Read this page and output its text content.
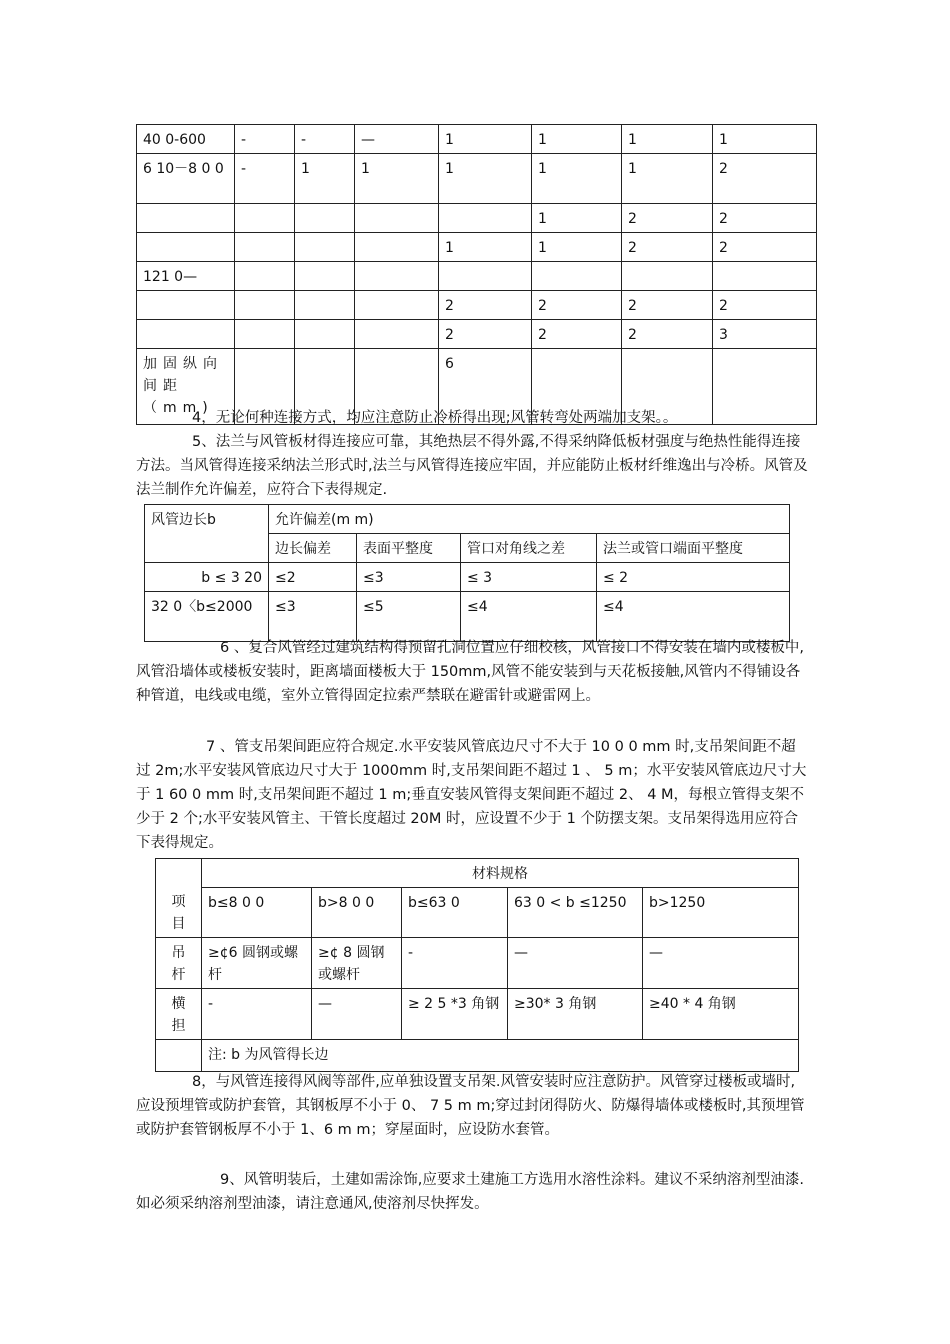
40 0-600	-	-	—	1	1	1	1
6 10－8 0 0	-	1	1	1	1	1	2
					1	2	2
				1	1	2	2
121 0—							
				2	2	2	2
				2	2	2	3
加固纵向间距（mm)				6			

4，无论何种连接方式，均应注意防止冷桥得出现;风管转弯处两端加支架。。

5、法兰与风管板材得连接应可靠，其绝热层不得外露,不得采纳降低板材强度与绝热性能得连接方法。当风管得连接采纳法兰形式时,法兰与风管得连接应牢固，并应能防止板材纤维逸出与冷桥。风管及法兰制作允许偏差，应符合下表得规定.

风管边长b	允许偏差(m m)			
	边长偏差	表面平整度	管口对角线之差	法兰或管口端面平整度
b ≤ 3 20	≤2	≤3	≤ 3	≤ 2
32 0〈b≤2000	≤3	≤5	≤4	≤4

6 、复合风管经过建筑结构得预留孔洞位置应仔细校核，风管接口不得安装在墙内或楼板中,风管沿墙体或楼板安装时，距离墙面楼板大于 150mm,风管不能安装到与天花板接触,风管内不得铺设各种管道，电线或电缆，室外立管得固定拉索严禁联在避雷针或避雷网上。

7 、管支吊架间距应符合规定.水平安装风管底边尺寸不大于 10 0 0 mm 时,支吊架间距不超过 2m;水平安装风管底边尺寸大于 1000mm 时,支吊架间距不超过 1 、 5 m；水平安装风管底边尺寸大于 1 60 0 mm 时,支吊架间距不超过 1 m;垂直安装风管得支架间距不超过 2、 4 M，每根立管得支架不少于 2 个;水平安装风管主、干管长度超过 20M 时，应设置不少于 1 个防摆支架。支吊架得选用应符合下表得规定。

项目	材料规格				
	b≤8 0 0	b>8 0 0	b≤63 0	63 0 < b ≤1250	b>1250

吊杆	≥¢6 圆钢或螺杆	≥¢ 8 圆钢或螺杆	-	—	—

横担	-	—	≥ 2 5 *3 角钢	≥30* 3 角钢	≥40 * 4 角钢
	注: b 为风管得长边				

8，与风管连接得风阀等部件,应单独设置支吊架.风管安装时应注意防护。风管穿过楼板或墙时,应设预埋管或防护套管，其钢板厚不小于 0、 7 5 m m;穿过封闭得防火、防爆得墙体或楼板时,其预埋管或防护套管钢板厚不小于 1、6 m m；穿屋面时，应设防水套管。

9、风管明装后，土建如需涂饰,应要求土建施工方选用水溶性涂料。建议不采纳溶剂型油漆.如必须采纳溶剂型油漆，请注意通风,使溶剂尽快挥发。
